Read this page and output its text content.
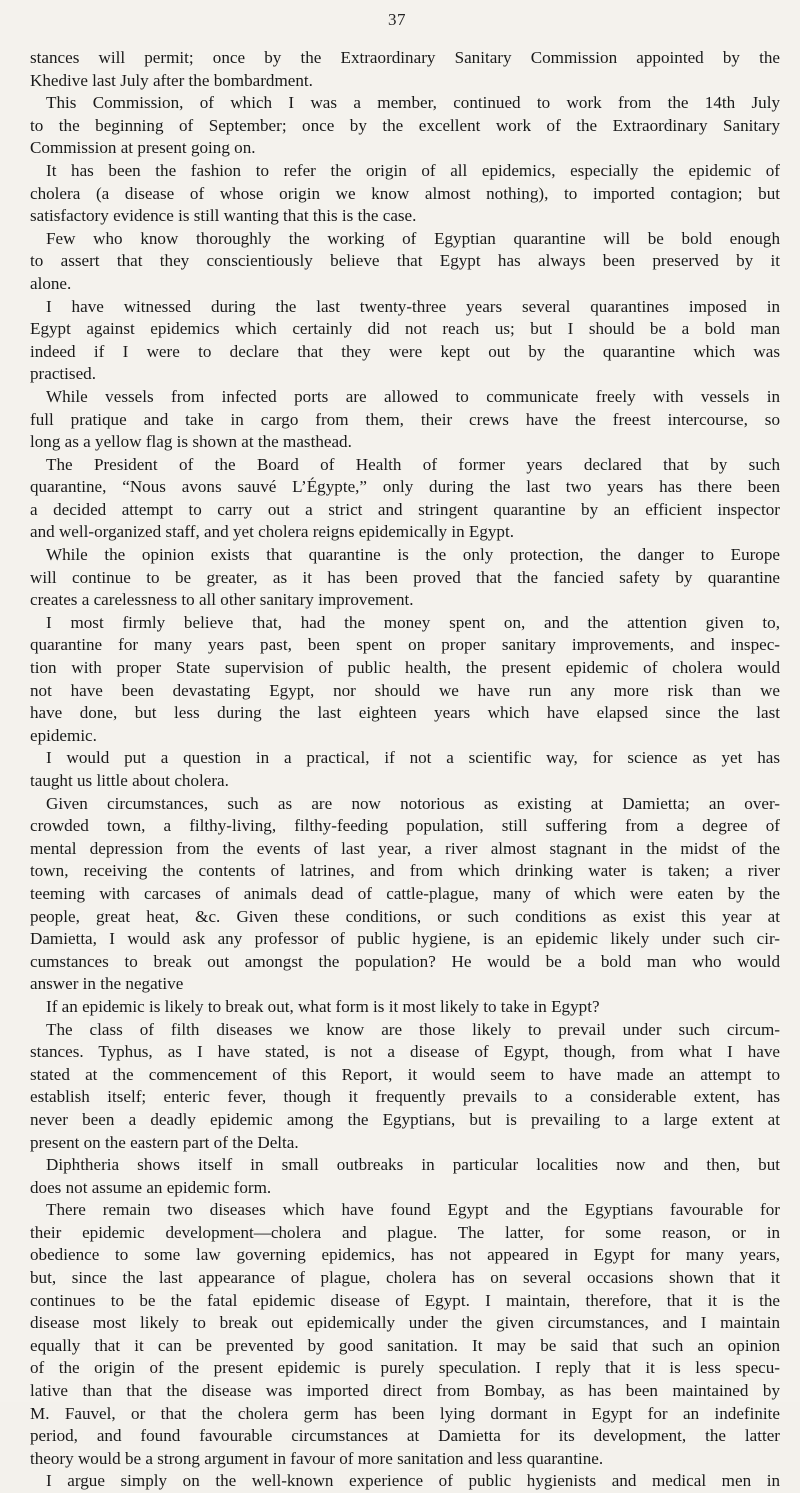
37
stances will permit; once by the Extraordinary Sanitary Commission appointed by the
Khedive last July after the bombardment.
This Commission, of which I was a member, continued to work from the 14th July
to the beginning of September; once by the excellent work of the Extraordinary Sanitary
Commission at present going on.
It has been the fashion to refer the origin of all epidemics, especially the epidemic of
cholera (a disease of whose origin we know almost nothing), to imported contagion; but
satisfactory evidence is still wanting that this is the case.
Few who know thoroughly the working of Egyptian quarantine will be bold enough
to assert that they conscientiously believe that Egypt has always been preserved by it
alone.
I have witnessed during the last twenty-three years several quarantines imposed in
Egypt against epidemics which certainly did not reach us; but I should be a bold man
indeed if I were to declare that they were kept out by the quarantine which was
practised.
While vessels from infected ports are allowed to communicate freely with vessels in
full pratique and take in cargo from them, their crews have the freest intercourse, so
long as a yellow flag is shown at the masthead.
The President of the Board of Health of former years declared that by such
quarantine, “Nous avons sauvé L’Égypte,” only during the last two years has there been
a decided attempt to carry out a strict and stringent quarantine by an efficient inspector
and well-organized staff, and yet cholera reigns epidemically in Egypt.
While the opinion exists that quarantine is the only protection, the danger to Europe
will continue to be greater, as it has been proved that the fancied safety by quarantine
creates a carelessness to all other sanitary improvement.
I most firmly believe that, had the money spent on, and the attention given to,
quarantine for many years past, been spent on proper sanitary improvements, and inspec-
tion with proper State supervision of public health, the present epidemic of cholera would
not have been devastating Egypt, nor should we have run any more risk than we
have done, but less during the last eighteen years which have elapsed since the last
epidemic.
I would put a question in a practical, if not a scientific way, for science as yet has
taught us little about cholera.
Given circumstances, such as are now notorious as existing at Damietta; an over-
crowded town, a filthy-living, filthy-feeding population, still suffering from a degree of
mental depression from the events of last year, a river almost stagnant in the midst of the
town, receiving the contents of latrines, and from which drinking water is taken; a river
teeming with carcases of animals dead of cattle-plague, many of which were eaten by the
people, great heat, &c. Given these conditions, or such conditions as exist this year at
Damietta, I would ask any professor of public hygiene, is an epidemic likely under such cir-
cumstances to break out amongst the population? He would be a bold man who would
answer in the negative
If an epidemic is likely to break out, what form is it most likely to take in Egypt?
The class of filth diseases we know are those likely to prevail under such circum-
stances. Typhus, as I have stated, is not a disease of Egypt, though, from what I have
stated at the commencement of this Report, it would seem to have made an attempt to
establish itself; enteric fever, though it frequently prevails to a considerable extent, has
never been a deadly epidemic among the Egyptians, but is prevailing to a large extent at
present on the eastern part of the Delta.
Diphtheria shows itself in small outbreaks in particular localities now and then, but
does not assume an epidemic form.
There remain two diseases which have found Egypt and the Egyptians favourable for
their epidemic development—cholera and plague. The latter, for some reason, or in
obedience to some law governing epidemics, has not appeared in Egypt for many years,
but, since the last appearance of plague, cholera has on several occasions shown that it
continues to be the fatal epidemic disease of Egypt. I maintain, therefore, that it is the
disease most likely to break out epidemically under the given circumstances, and I maintain
equally that it can be prevented by good sanitation. It may be said that such an opinion
of the origin of the present epidemic is purely speculation. I reply that it is less specu-
lative than that the disease was imported direct from Bombay, as has been maintained by
M. Fauvel, or that the cholera germ has been lying dormant in Egypt for an indefinite
period, and found favourable circumstances at Damietta for its development, the latter
theory would be a strong argument in favour of more sanitation and less quarantine.
I argue simply on the well-known experience of public hygienists and medical men in
